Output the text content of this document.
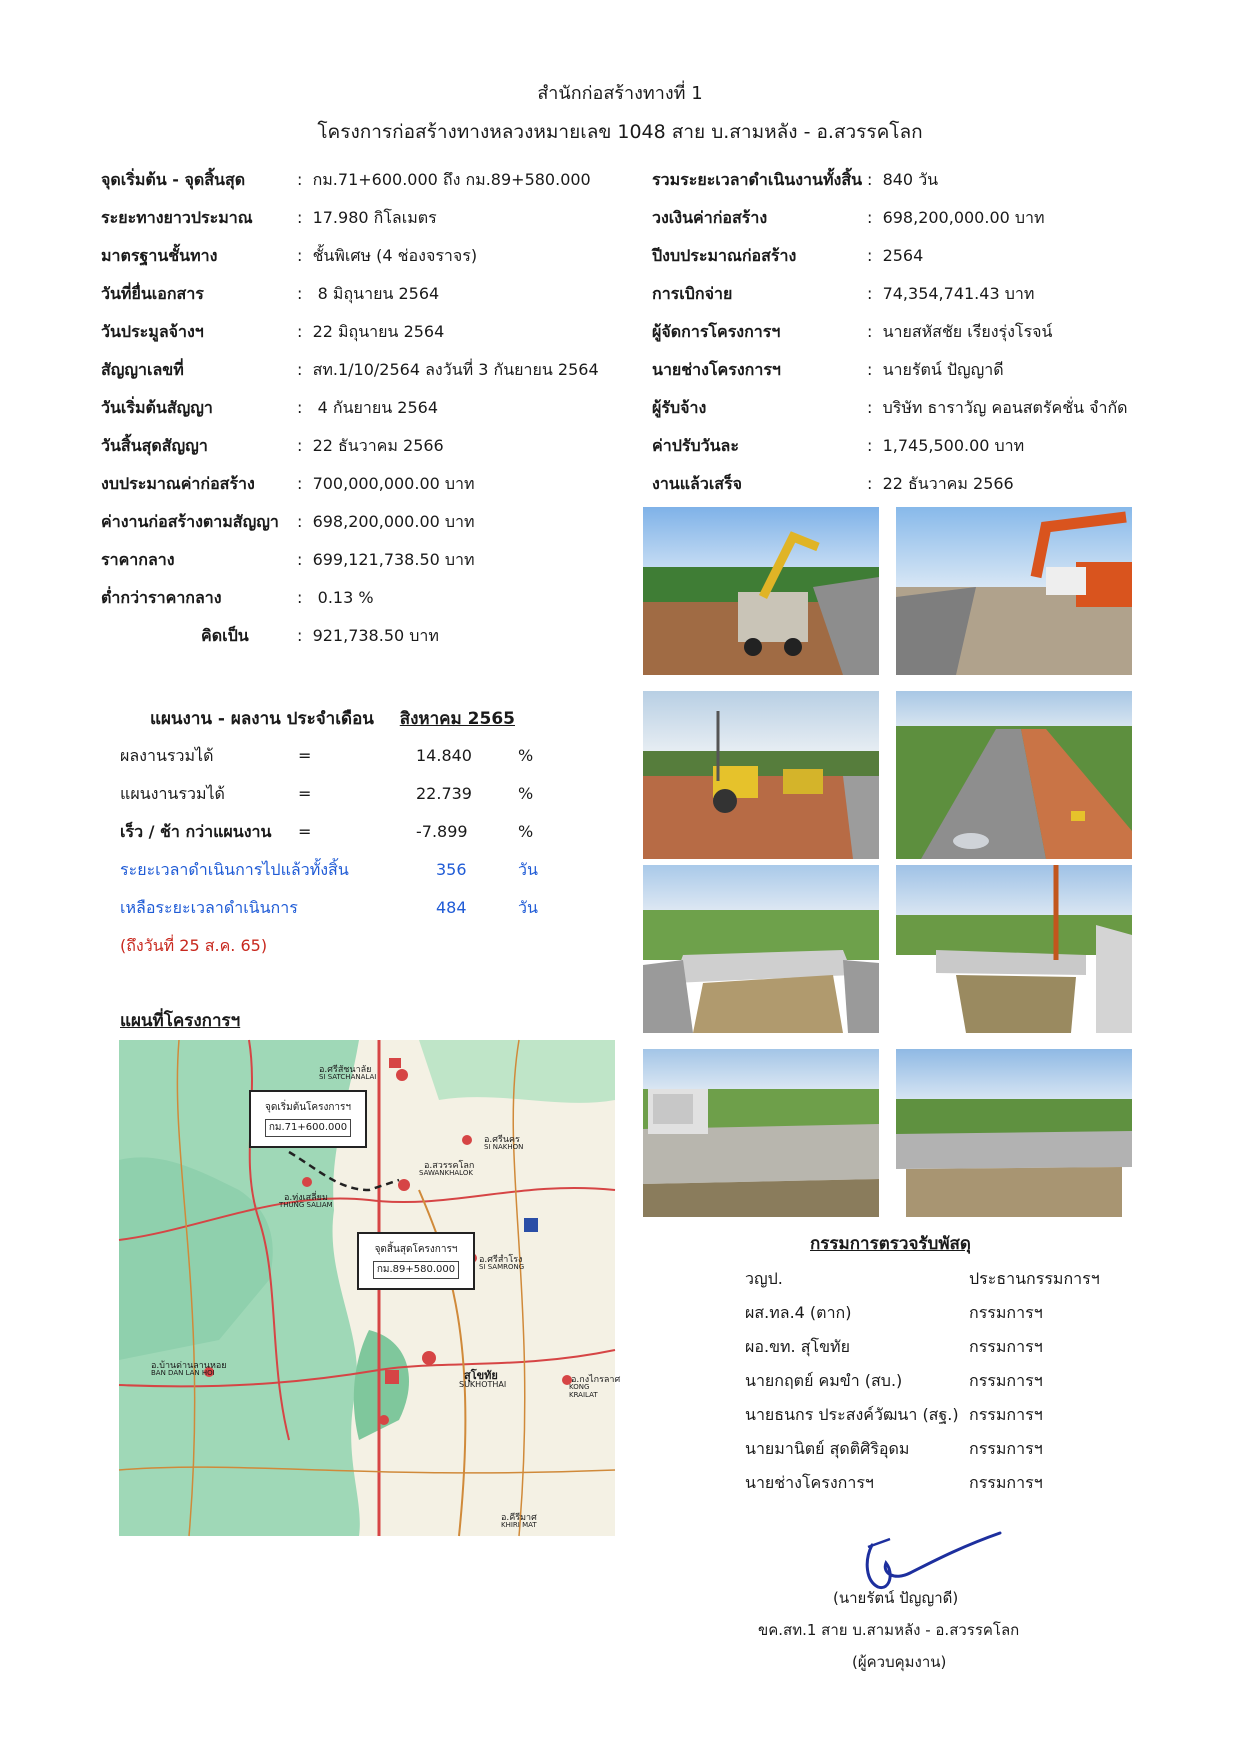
สำนักก่อสร้างทางที่ 1
โครงการก่อสร้างทางหลวงหมายเลข 1048 สาย บ.สามหลัง - อ.สวรรคโลก
จุดเริ่มต้น - จุดสิ้นสุด	:  กม.71+600.000 ถึง กม.89+580.000
ระยะทางยาวประมาณ	:  17.980 กิโลเมตร
มาตรฐานชั้นทาง	:  ชั้นพิเศษ (4 ช่องจราจร)
วันที่ยื่นเอกสาร	:   8 มิถุนายน 2564
วันประมูลจ้างฯ	:  22 มิถุนายน 2564
สัญญาเลขที่	:  สท.1/10/2564 ลงวันที่ 3 กันยายน 2564
วันเริ่มต้นสัญญา	:   4 กันยายน 2564
วันสิ้นสุดสัญญา	:  22 ธันวาคม 2566
งบประมาณค่าก่อสร้าง	:  700,000,000.00 บาท
ค่างานก่อสร้างตามสัญญา :  698,200,000.00 บาท
ราคากลาง	:  699,121,738.50 บาท
ต่ำกว่าราคากลาง	:   0.13 %
คิดเป็น	:  921,738.50 บาท
รวมระยะเวลาดำเนินงานทั้งสิ้น :  840 วัน
วงเงินค่าก่อสร้าง	:  698,200,000.00 บาท
ปีงบประมาณก่อสร้าง	:  2564
การเบิกจ่าย	:  74,354,741.43 บาท
ผู้จัดการโครงการฯ	:  นายสหัสชัย เรียงรุ่งโรจน์
นายช่างโครงการฯ	:  นายรัตน์ ปัญญาดี
ผู้รับจ้าง	:  บริษัท ธาราวัญ คอนสตรัคชั่น จำกัด
ค่าปรับวันละ	:  1,745,500.00 บาท
งานแล้วเสร็จ	:  22 ธันวาคม 2566
แผนงาน - ผลงาน ประจำเดือน สิงหาคม 2565
ผลงานรวมได้	=	14.840	%
แผนงานรวมได้	=	22.739	%
เร็ว / ช้า กว่าแผนงาน =	-7.899	%
ระยะเวลาดำเนินการไปแล้วทั้งสิ้น	356	วัน
เหลือระยะเวลาดำเนินการ	484	วัน
(ถึงวันที่ 25 ส.ค. 65)
แผนที่โครงการฯ
อ.ศรีสัชนาลัย
SI SATCHANALAI
อ.สวรรคโลก
SAWANKHALOK
อ.ทุ่งเสลี่ยม
THUNG SALIAM
อ.ศรีนคร
SI NAKHON
อ.ศรีสำโรง
SI SAMRONG
อ.บ้านด่านลานหอย
BAN DAN LAN HOI	สุโขทัย
SUKHOTHAI	อ.กงไกรลาศ
KONG KRAILAT
อ.คีรีมาศ
KHIRI MAT
จุดเริ่มต้นโครงการฯ
กม.71+600.000
จุดสิ้นสุดโครงการฯ
กม.89+580.000
กรรมการตรวจรับพัสดุ
วญป.	ประธานกรรมการฯ
ผส.ทล.4 (ตาก)	กรรมการฯ
ผอ.ขท. สุโขทัย	กรรมการฯ
นายกฤตย์ คมขำ (สบ.)	กรรมการฯ
นายธนกร ประสงค์วัฒนา (สฐ.) กรรมการฯ
นายมานิตย์ สุดติศิริอุดม	กรรมการฯ
นายช่างโครงการฯ	กรรมการฯ
(นายรัตน์ ปัญญาดี)
ขค.สท.1 สาย บ.สามหลัง - อ.สวรรคโลก
(ผู้ควบคุมงาน)
